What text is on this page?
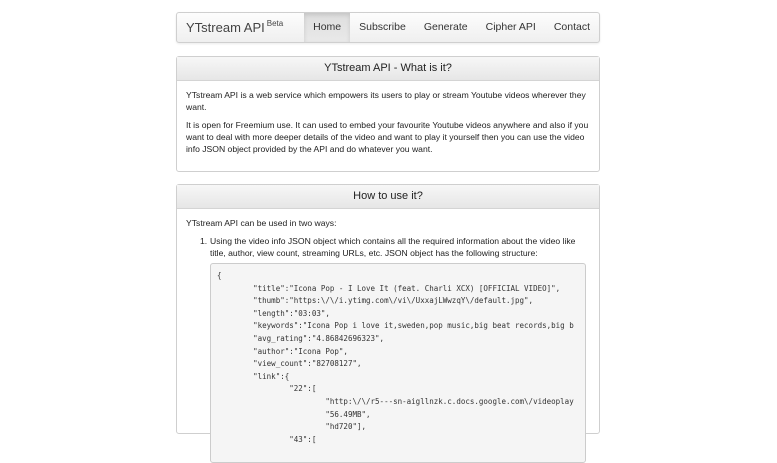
YTstream API $^{Beta}$	Home	Subscribe	Generate	Cipher API	Contact
YTstream API - What is it?

YTstream API is a web service which empowers its users to play or stream Youtube videos wherever they want.

It is open for Freemium use. It can used to embed your favourite Youtube videos anywhere and also if you want to deal with more deeper details of the video and want to play it yourself then you can use the video info JSON object provided by the API and do whatever you want.

How to use it?

YTstream API can be used in two ways:

1. Using the video info JSON object which contains all the required information about the video like title, author, view count, streaming URLs, etc. JSON object has the following structure:
{
"title":"Icona Pop - I Love It (feat. Charli XCX) [OFFICIAL VIDEO]",
"thumb":"https:\/\/i.ytimg.com\/vi\/UxxajLWwzqY\/default.jpg",
"length":"03:03",
"keywords":"Icona Pop i love it,sweden,pop music,big beat records,big b
"avg_rating":"4.86842696323",
"author":"Icona Pop",
"view_count":"82708127",
"link":{
"22":[
"http:\/\/r5---sn-aigllnzk.c.docs.google.com\/videoplay
"56.49MB",
"hd720"],
"43":[
